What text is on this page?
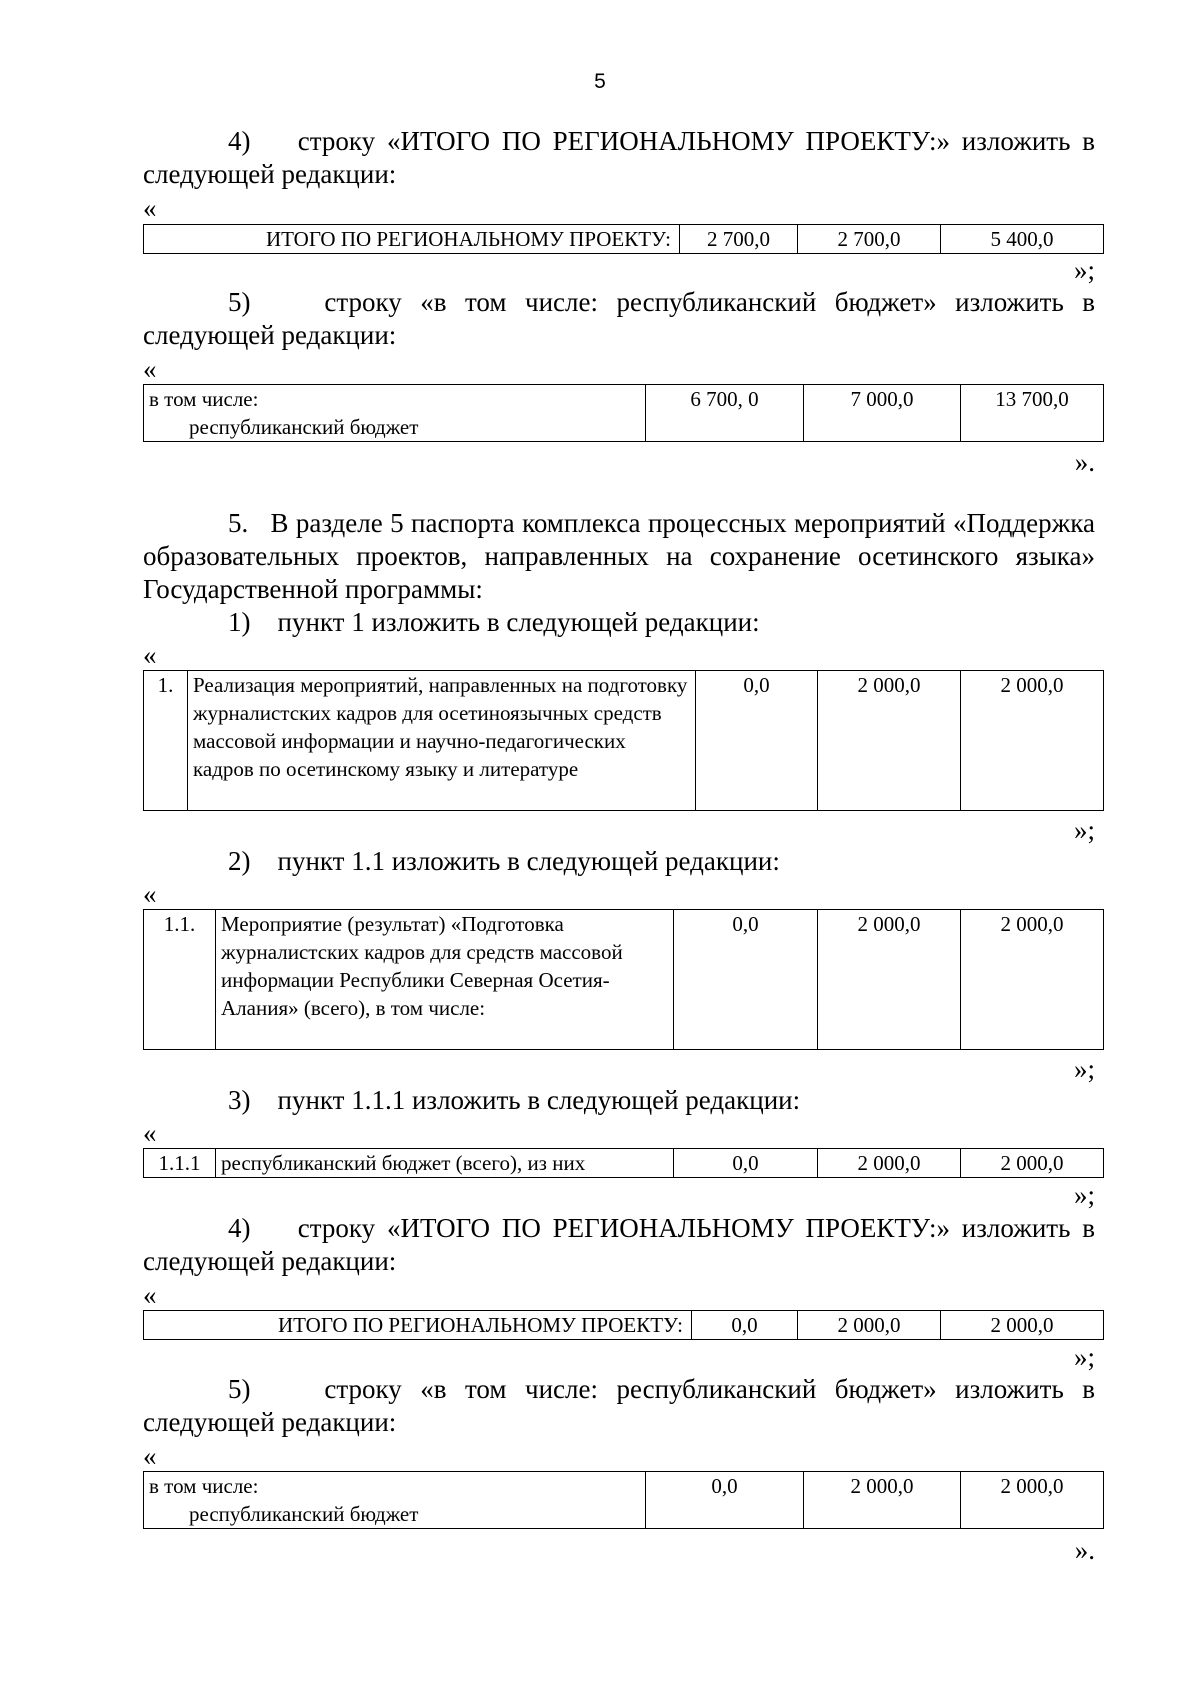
5

4)    строку «ИТОГО ПО РЕГИОНАЛЬНОМУ ПРОЕКТУ:» изложить в следующей редакции:

«
ИТОГО ПО РЕГИОНАЛЬНОМУ ПРОЕКТУ:	2 700,0	2 700,0	5 400,0
»;

5)    строку «в том числе: республиканский бюджет» изложить в следующей редакции:

«
в том числе:
республиканский бюджет
	6 700, 0	7 000,0	13 700,0
».

5.   В разделе 5 паспорта комплекса процессных мероприятий «Поддержка образовательных проектов, направленных на сохранение осетинского языка» Государственной программы:

1)    пункт 1 изложить в следующей редакции:

«
1.	Реализация мероприятий, направленных на подготовку журналистских кадров для осетиноязычных средств массовой информации и научно-педагогических кадров по осетинскому языку и литературе	0,0	2 000,0	2 000,0
»;

2)    пункт 1.1 изложить в следующей редакции:

«
1.1.	Мероприятие (результат) «Подготовка журналистских кадров для средств массовой информации Республики Северная Осетия-Алания» (всего), в том числе:	0,0	2 000,0	2 000,0
»;

3)    пункт 1.1.1 изложить в следующей редакции:

«
1.1.1	республиканский бюджет (всего), из них	0,0	2 000,0	2 000,0
»;

4)    строку «ИТОГО ПО РЕГИОНАЛЬНОМУ ПРОЕКТУ:» изложить в следующей редакции:

«
ИТОГО ПО РЕГИОНАЛЬНОМУ ПРОЕКТУ:	0,0	2 000,0	2 000,0
»;

5)    строку «в том числе: республиканский бюджет» изложить в следующей редакции:

«
в том числе:
республиканский бюджет
	0,0	2 000,0	2 000,0
».
